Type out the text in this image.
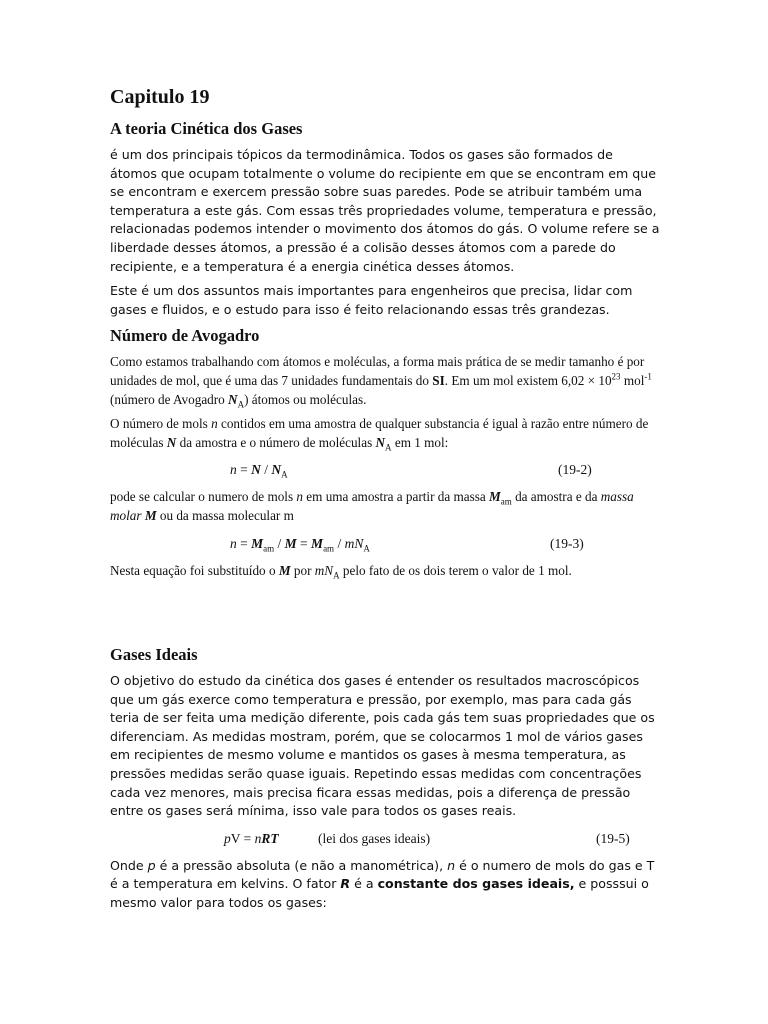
Capitulo 19
A teoria Cinética dos Gases

é um dos principais tópicos da termodinâmica. Todos os gases são formados de átomos que ocupam totalmente o volume do recipiente em que se encontram em que se encontram e exercem pressão sobre suas paredes. Pode se atribuir também uma temperatura a este gás. Com essas três propriedades volume, temperatura e pressão, relacionadas podemos intender o movimento dos átomos do gás. O volume refere se a liberdade desses átomos, a pressão é a colisão desses átomos com a parede do recipiente, e a temperatura é a energia cinética desses átomos.

Este é um dos assuntos mais importantes para engenheiros que precisa, lidar com gases e fluidos, e o estudo para isso é feito relacionando essas três grandezas.

Número de Avogadro

Como estamos trabalhando com átomos e moléculas, a forma mais prática de se medir tamanho é por unidades de mol, que é uma das 7 unidades fundamentais do SI. Em um mol existem $6,02 \times 10^{23}$ mol$^{-1}$ (número de Avogadro $N_A$) átomos ou moléculas.

O número de mols n contidos em uma amostra de qualquer substancia é igual à razão entre número de moléculas N da amostra e o número de moléculas $N_A$ em 1 mol:

$n = N / N_A$	(19-2)

pode se calcular o numero de mols n em uma amostra a partir da massa $M_{am}$ da amostra e da massa molar M ou da massa molecular m

$n = M_{am} / M = M_{am} / mN_A$	(19-3)

Nesta equação foi substituído o M por $mN_A$ pelo fato de os dois terem o valor de 1 mol.

Gases Ideais

O objetivo do estudo da cinética dos gases é entender os resultados macroscópicos que um gás exerce como temperatura e pressão, por exemplo, mas para cada gás teria de ser feita uma medição diferente, pois cada gás tem suas propriedades que os diferenciam. As medidas mostram, porém, que se colocarmos 1 mol de vários gases em recipientes de mesmo volume e mantidos os gases à mesma temperatura, as pressões medidas serão quase iguais. Repetindo essas medidas com concentrações cada vez menores, mais precisa ficara essas medidas, pois a diferença de pressão entre os gases será mínima, isso vale para todos os gases reais.

pV = nRT	(lei dos gases ideais)	(19-5)

Onde p é a pressão absoluta (e não a manométrica), n é o numero de mols do gas e T é a temperatura em kelvins. O fator R é a constante dos gases ideais, e posssui o mesmo valor para todos os gases:
